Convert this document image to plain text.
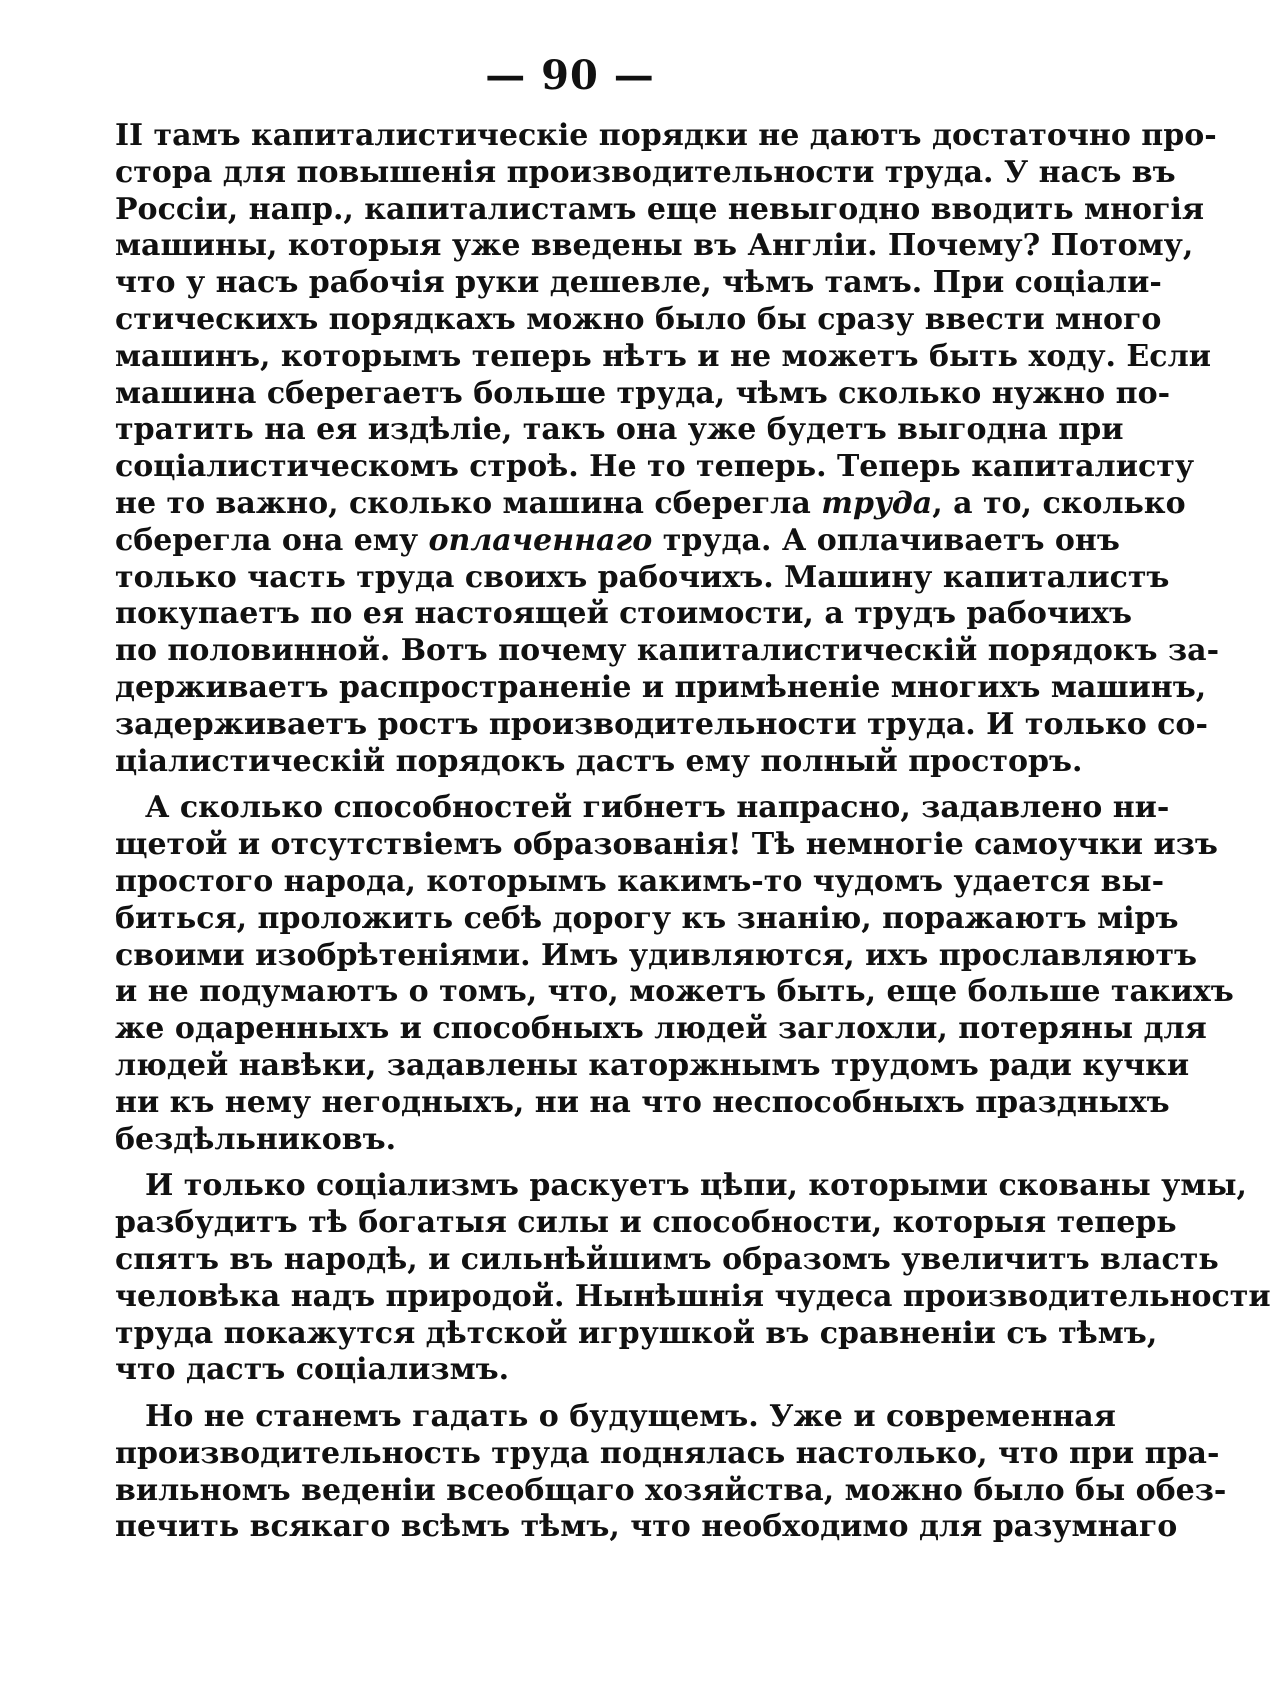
— 90 —
II тамъ капиталистическіе порядки не даютъ достаточно про-
стора для повышенія производительности труда. У насъ въ
Россіи, напр., капиталистамъ еще невыгодно вводить многія
машины, которыя уже введены въ Англіи. Почему? Потому,
что у насъ рабочія руки дешевле, чѣмъ тамъ. При соціали-
стическихъ порядкахъ можно было бы сразу ввести много
машинъ, которымъ теперь нѣтъ и не можетъ быть ходу. Если
машина сберегаетъ больше труда, чѣмъ сколько нужно по-
тратить на ея издѣліе, такъ она уже будетъ выгодна при
соціалистическомъ строѣ. Не то теперь. Теперь капиталисту
не то важно, сколько машина сберегла труда, а то, сколько
сберегла она ему оплаченнаго труда. А оплачиваетъ онъ
только часть труда своихъ рабочихъ. Машину капиталистъ
покупаетъ по ея настоящей стоимости, а трудъ рабочихъ
по половинной. Вотъ почему капиталистическій порядокъ за-
держиваетъ распространеніе и примѣненіе многихъ машинъ,
задерживаетъ ростъ производительности труда. И только со-
ціалистическій порядокъ дастъ ему полный просторъ.
А сколько способностей гибнетъ напрасно, задавлено ни-
щетой и отсутствіемъ образованія! Тѣ немногіе самоучки изъ
простого народа, которымъ какимъ-то чудомъ удается вы-
биться, проложить себѣ дорогу къ знанію, поражаютъ міръ
своими изобрѣтеніями. Имъ удивляются, ихъ прославляютъ
и не подумаютъ о томъ, что, можетъ быть, еще больше такихъ
же одаренныхъ и способныхъ людей заглохли, потеряны для
людей навѣки, задавлены каторжнымъ трудомъ ради кучки
ни къ нему негодныхъ, ни на что неспособныхъ праздныхъ
бездѣльниковъ.
И только соціализмъ раскуетъ цѣпи, которыми скованы умы,
разбудитъ тѣ богатыя силы и способности, которыя теперь
спятъ въ народѣ, и сильнѣйшимъ образомъ увеличитъ власть
человѣка надъ природой. Нынѣшнія чудеса производительности
труда покажутся дѣтской игрушкой въ сравненіи съ тѣмъ,
что дастъ соціализмъ.
Но не станемъ гадать о будущемъ. Уже и современная
производительность труда поднялась настолько, что при пра-
вильномъ веденіи всеобщаго хозяйства, можно было бы обез-
печить всякаго всѣмъ тѣмъ, что необходимо для разумнаго
